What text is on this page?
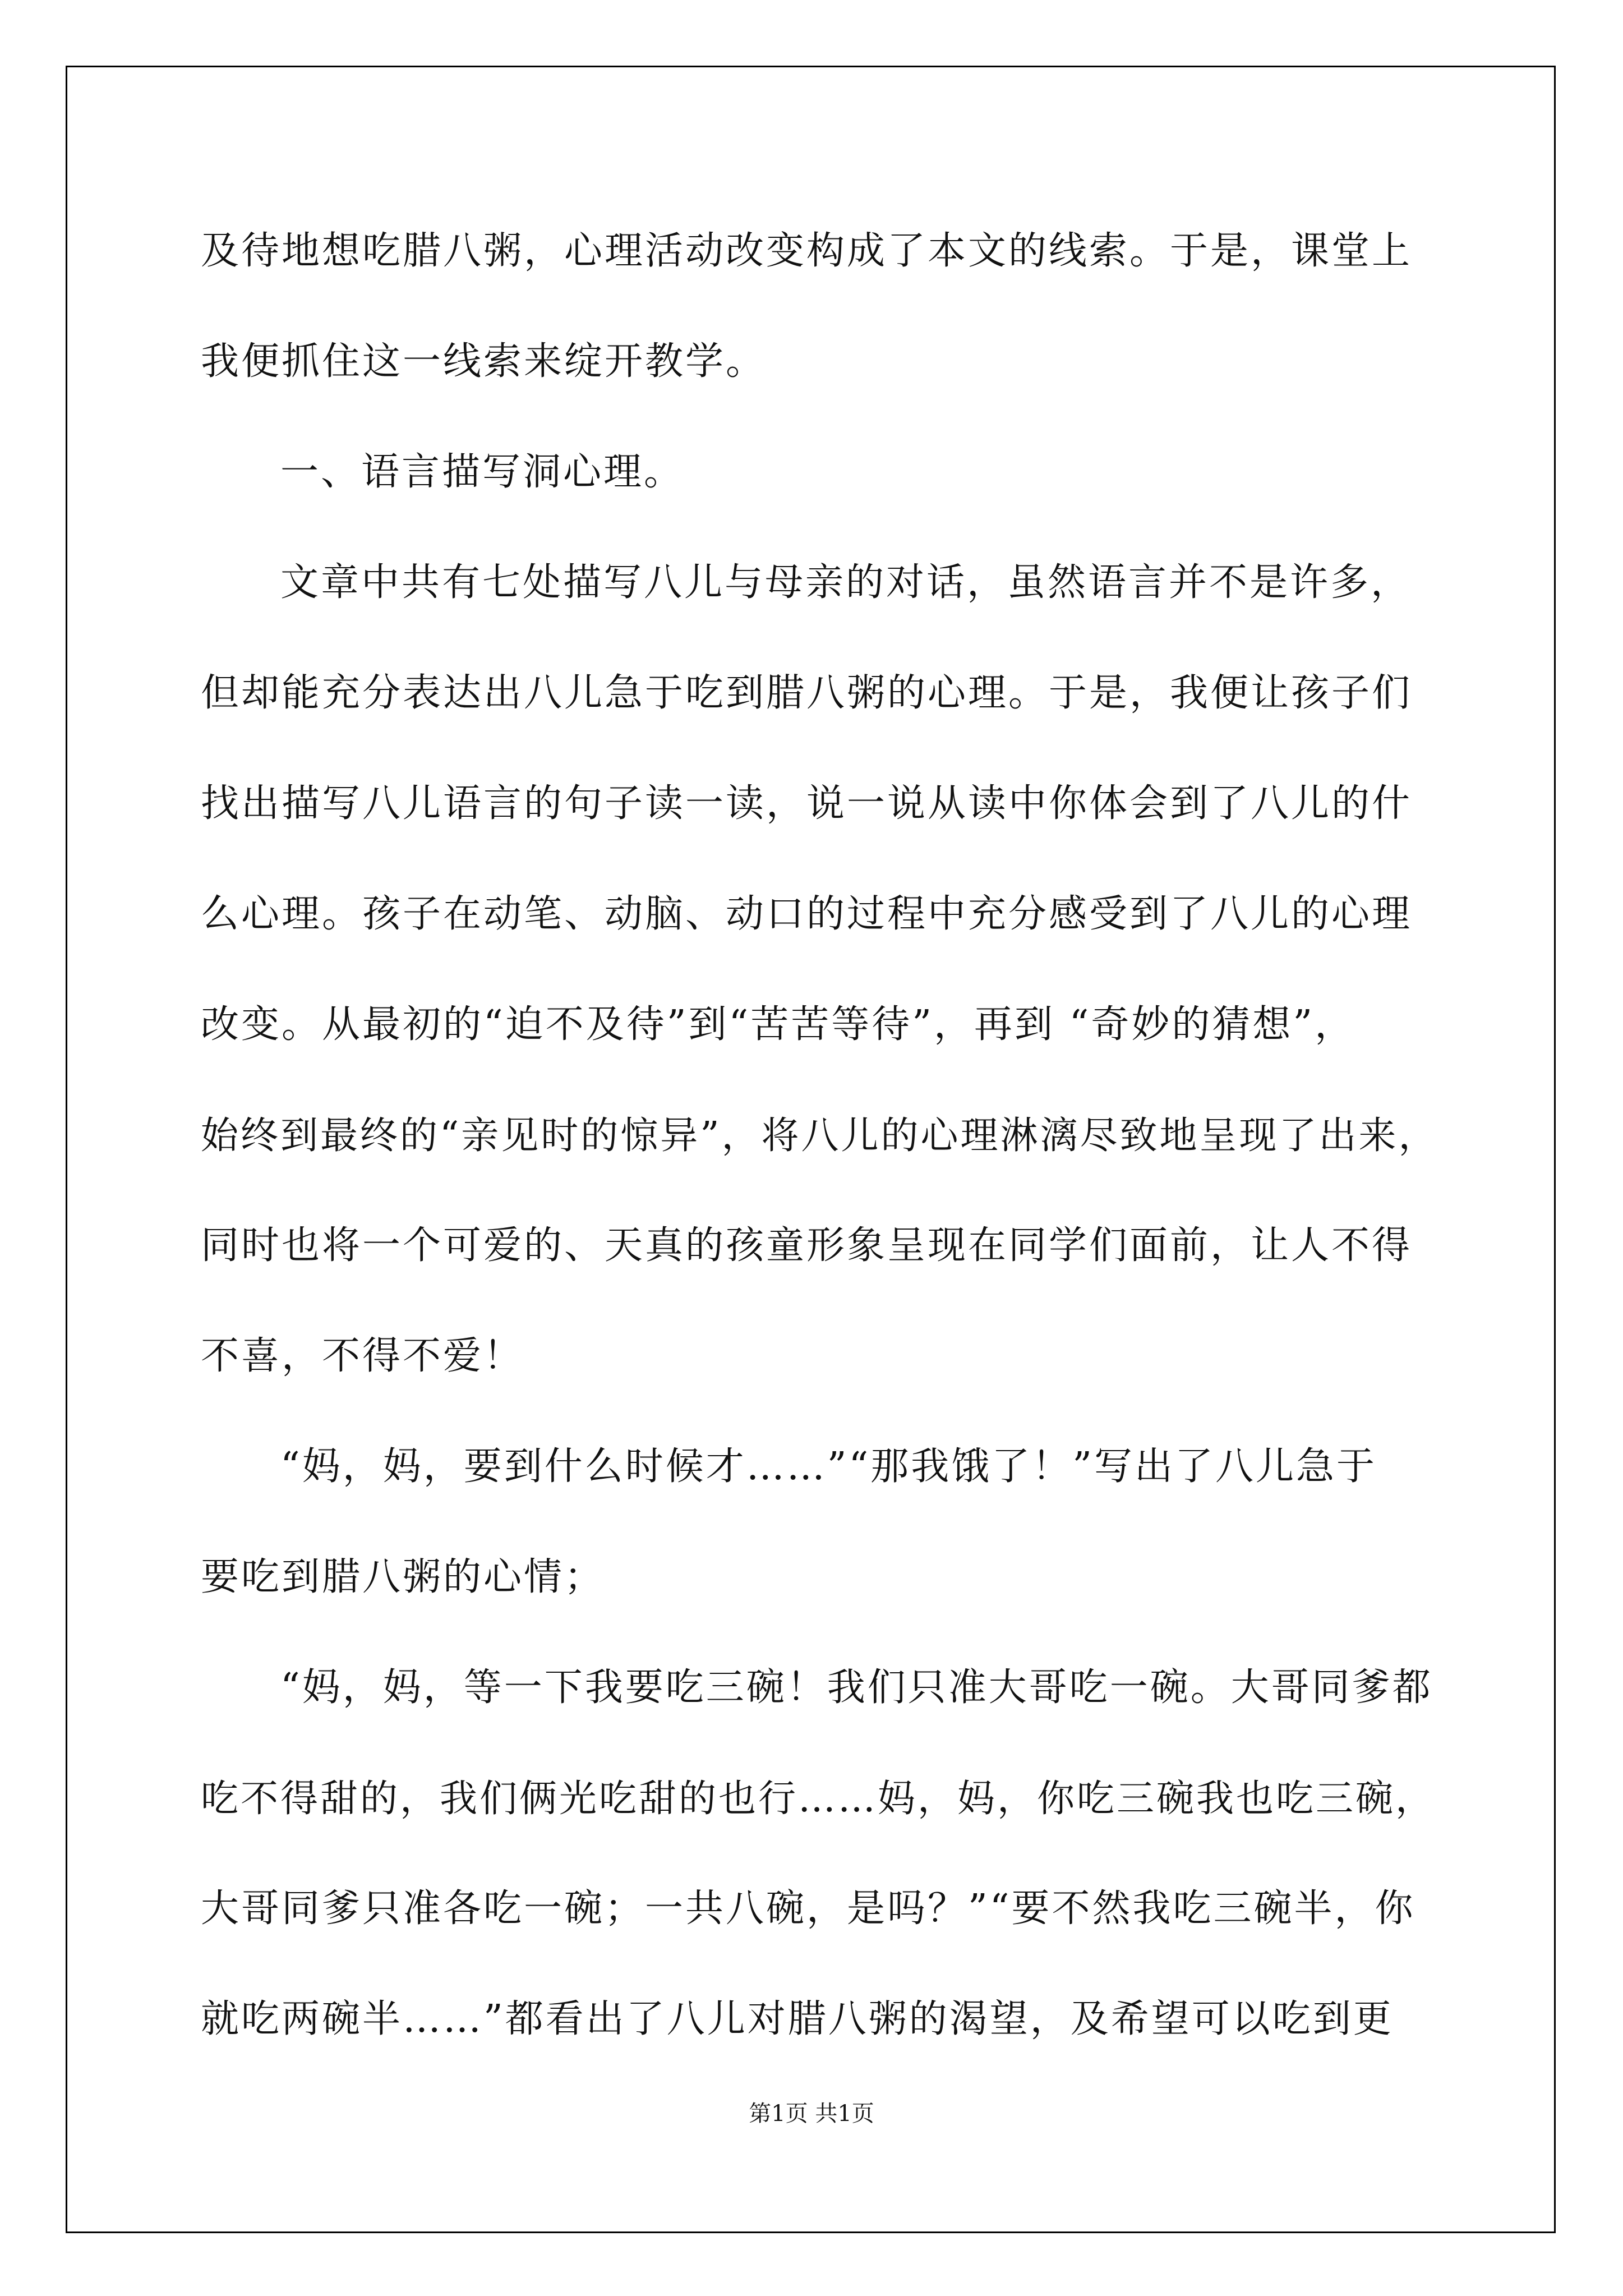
及待地想吃腊八粥，心理活动改变构成了本文的线索。于是，课堂上
我便抓住这一线索来绽开教学。
一、语言描写洞心理。
文章中共有七处描写八儿与母亲的对话，虽然语言并不是许多，
但却能充分表达出八儿急于吃到腊八粥的心理。于是，我便让孩子们
找出描写八儿语言的句子读一读，说一说从读中你体会到了八儿的什
么心理。孩子在动笔、动脑、动口的过程中充分感受到了八儿的心理
改变。从最初的“迫不及待”到“苦苦等待”，再到 “奇妙的猜想”，
始终到最终的“亲见时的惊异”，将八儿的心理淋漓尽致地呈现了出来，
同时也将一个可爱的、天真的孩童形象呈现在同学们面前，让人不得
不喜，不得不爱！
“妈，妈，要到什么时候才……”“那我饿了！”写出了八儿急于
要吃到腊八粥的心情；
“妈，妈，等一下我要吃三碗！我们只准大哥吃一碗。大哥同爹都
吃不得甜的，我们俩光吃甜的也行……妈，妈，你吃三碗我也吃三碗，
大哥同爹只准各吃一碗；一共八碗，是吗？”“要不然我吃三碗半，你
就吃两碗半……”都看出了八儿对腊八粥的渴望，及希望可以吃到更
第1页 共1页
